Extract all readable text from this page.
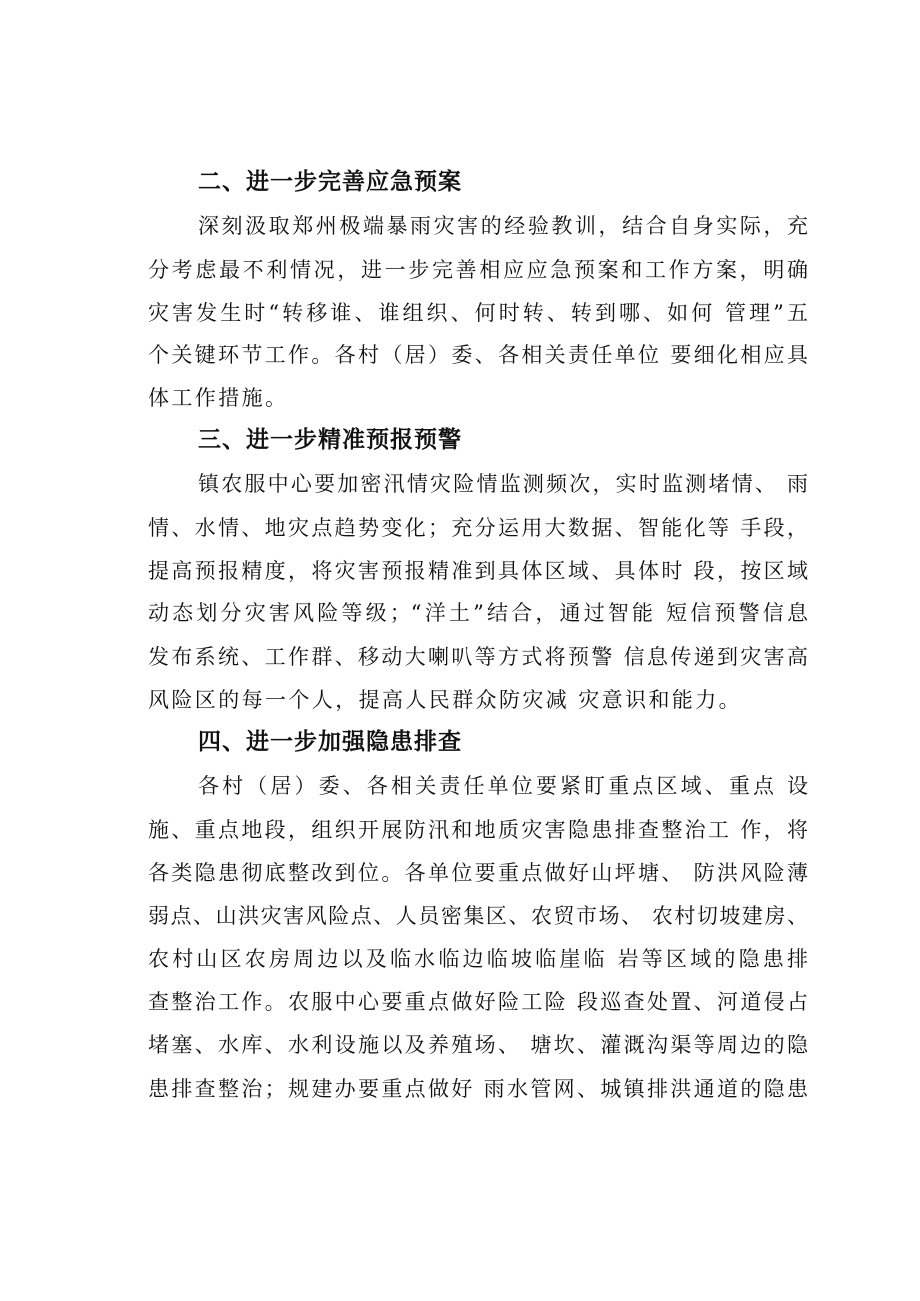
二、进一步完善应急预案
深刻汲取郑州极端暴雨灾害的经验教训，结合自身实际，充
分考虑最不利情况，进一步完善相应应急预案和工作方案，明确
灾害发生时“转移谁、谁组织、何时转、转到哪、如何 管理”五
个关键环节工作。各村（居）委、各相关责任单位 要细化相应具
体工作措施。
三、进一步精准预报预警
镇农服中心要加密汛情灾险情监测频次，实时监测堵情、 雨
情、水情、地灾点趋势变化；充分运用大数据、智能化等 手段，
提高预报精度，将灾害预报精准到具体区域、具体时 段，按区域
动态划分灾害风险等级；“洋土”结合，通过智能 短信预警信息
发布系统、工作群、移动大喇叭等方式将预警 信息传递到灾害高
风险区的每一个人，提高人民群众防灾减 灾意识和能力。
四、进一步加强隐患排查
各村（居）委、各相关责任单位要紧盯重点区域、重点 设
施、重点地段，组织开展防汛和地质灾害隐患排查整治工 作，将
各类隐患彻底整改到位。各单位要重点做好山坪塘、 防洪风险薄
弱点、山洪灾害风险点、人员密集区、农贸市场、 农村切坡建房、
农村山区农房周边以及临水临边临坡临崖临 岩等区域的隐患排
查整治工作。农服中心要重点做好险工险 段巡查处置、河道侵占
堵塞、水库、水利设施以及养殖场、 塘坎、灌溉沟渠等周边的隐
患排查整治；规建办要重点做好 雨水管网、城镇排洪通道的隐患
